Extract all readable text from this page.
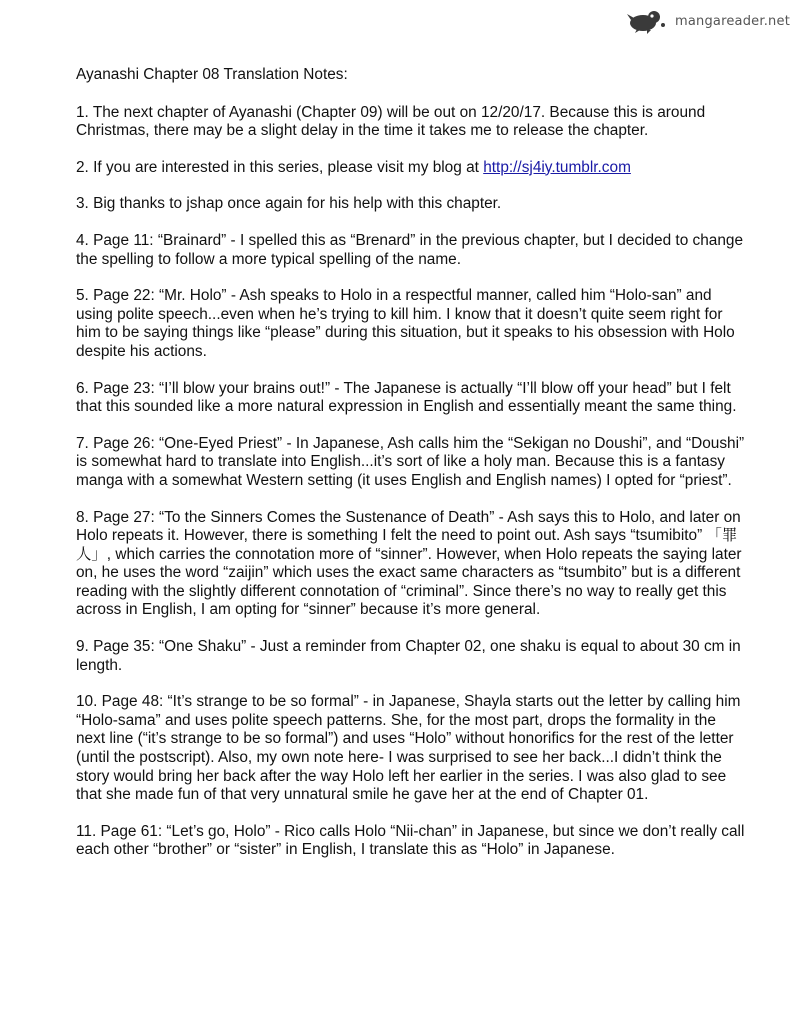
mangareader.net

Ayanashi Chapter 08 Translation Notes:

1. The next chapter of Ayanashi (Chapter 09) will be out on 12/20/17. Because this is around Christmas, there may be a slight delay in the time it takes me to release the chapter.

2. If you are interested in this series, please visit my blog at http://sj4iy.tumblr.com

3. Big thanks to jshap once again for his help with this chapter.

4. Page 11: “Brainard” - I spelled this as “Brenard” in the previous chapter, but I decided to change the spelling to follow a more typical spelling of the name.

5. Page 22: “Mr. Holo” - Ash speaks to Holo in a respectful manner, called him “Holo-san” and using polite speech...even when he’s trying to kill him. I know that it doesn’t quite seem right for him to be saying things like “please” during this situation, but it speaks to his obsession with Holo despite his actions.

6. Page 23: “I’ll blow your brains out!” - The Japanese is actually “I’ll blow off your head” but I felt that this sounded like a more natural expression in English and essentially meant the same thing.

7. Page 26: “One-Eyed Priest” - In Japanese, Ash calls him the “Sekigan no Doushi”, and “Doushi” is somewhat hard to translate into English...it’s sort of like a holy man. Because this is a fantasy manga with a somewhat Western setting (it uses English and English names) I opted for “priest”.

8. Page 27: “To the Sinners Comes the Sustenance of Death” - Ash says this to Holo, and later on Holo repeats it. However, there is something I felt the need to point out. Ash says “tsumibito” 「罪人」, which carries the connotation more of “sinner”. However, when Holo repeats the saying later on, he uses the word “zaijin” which uses the exact same characters as “tsumbito” but is a different reading with the slightly different connotation of “criminal”. Since there’s no way to really get this across in English, I am opting for “sinner” because it’s more general.

9. Page 35: “One Shaku” - Just a reminder from Chapter 02, one shaku is equal to about 30 cm in length.

10. Page 48: “It’s strange to be so formal” - in Japanese, Shayla starts out the letter by calling him “Holo-sama” and uses polite speech patterns. She, for the most part, drops the formality in the next line (“it’s strange to be so formal”) and uses “Holo” without honorifics for the rest of the letter (until the postscript). Also, my own note here- I was surprised to see her back...I didn’t think the story would bring her back after the way Holo left her earlier in the series. I was also glad to see that she made fun of that very unnatural smile he gave her at the end of Chapter 01.

11. Page 61: “Let’s go, Holo” - Rico calls Holo “Nii-chan” in Japanese, but since we don’t really call each other “brother” or “sister” in English, I translate this as “Holo” in Japanese.
